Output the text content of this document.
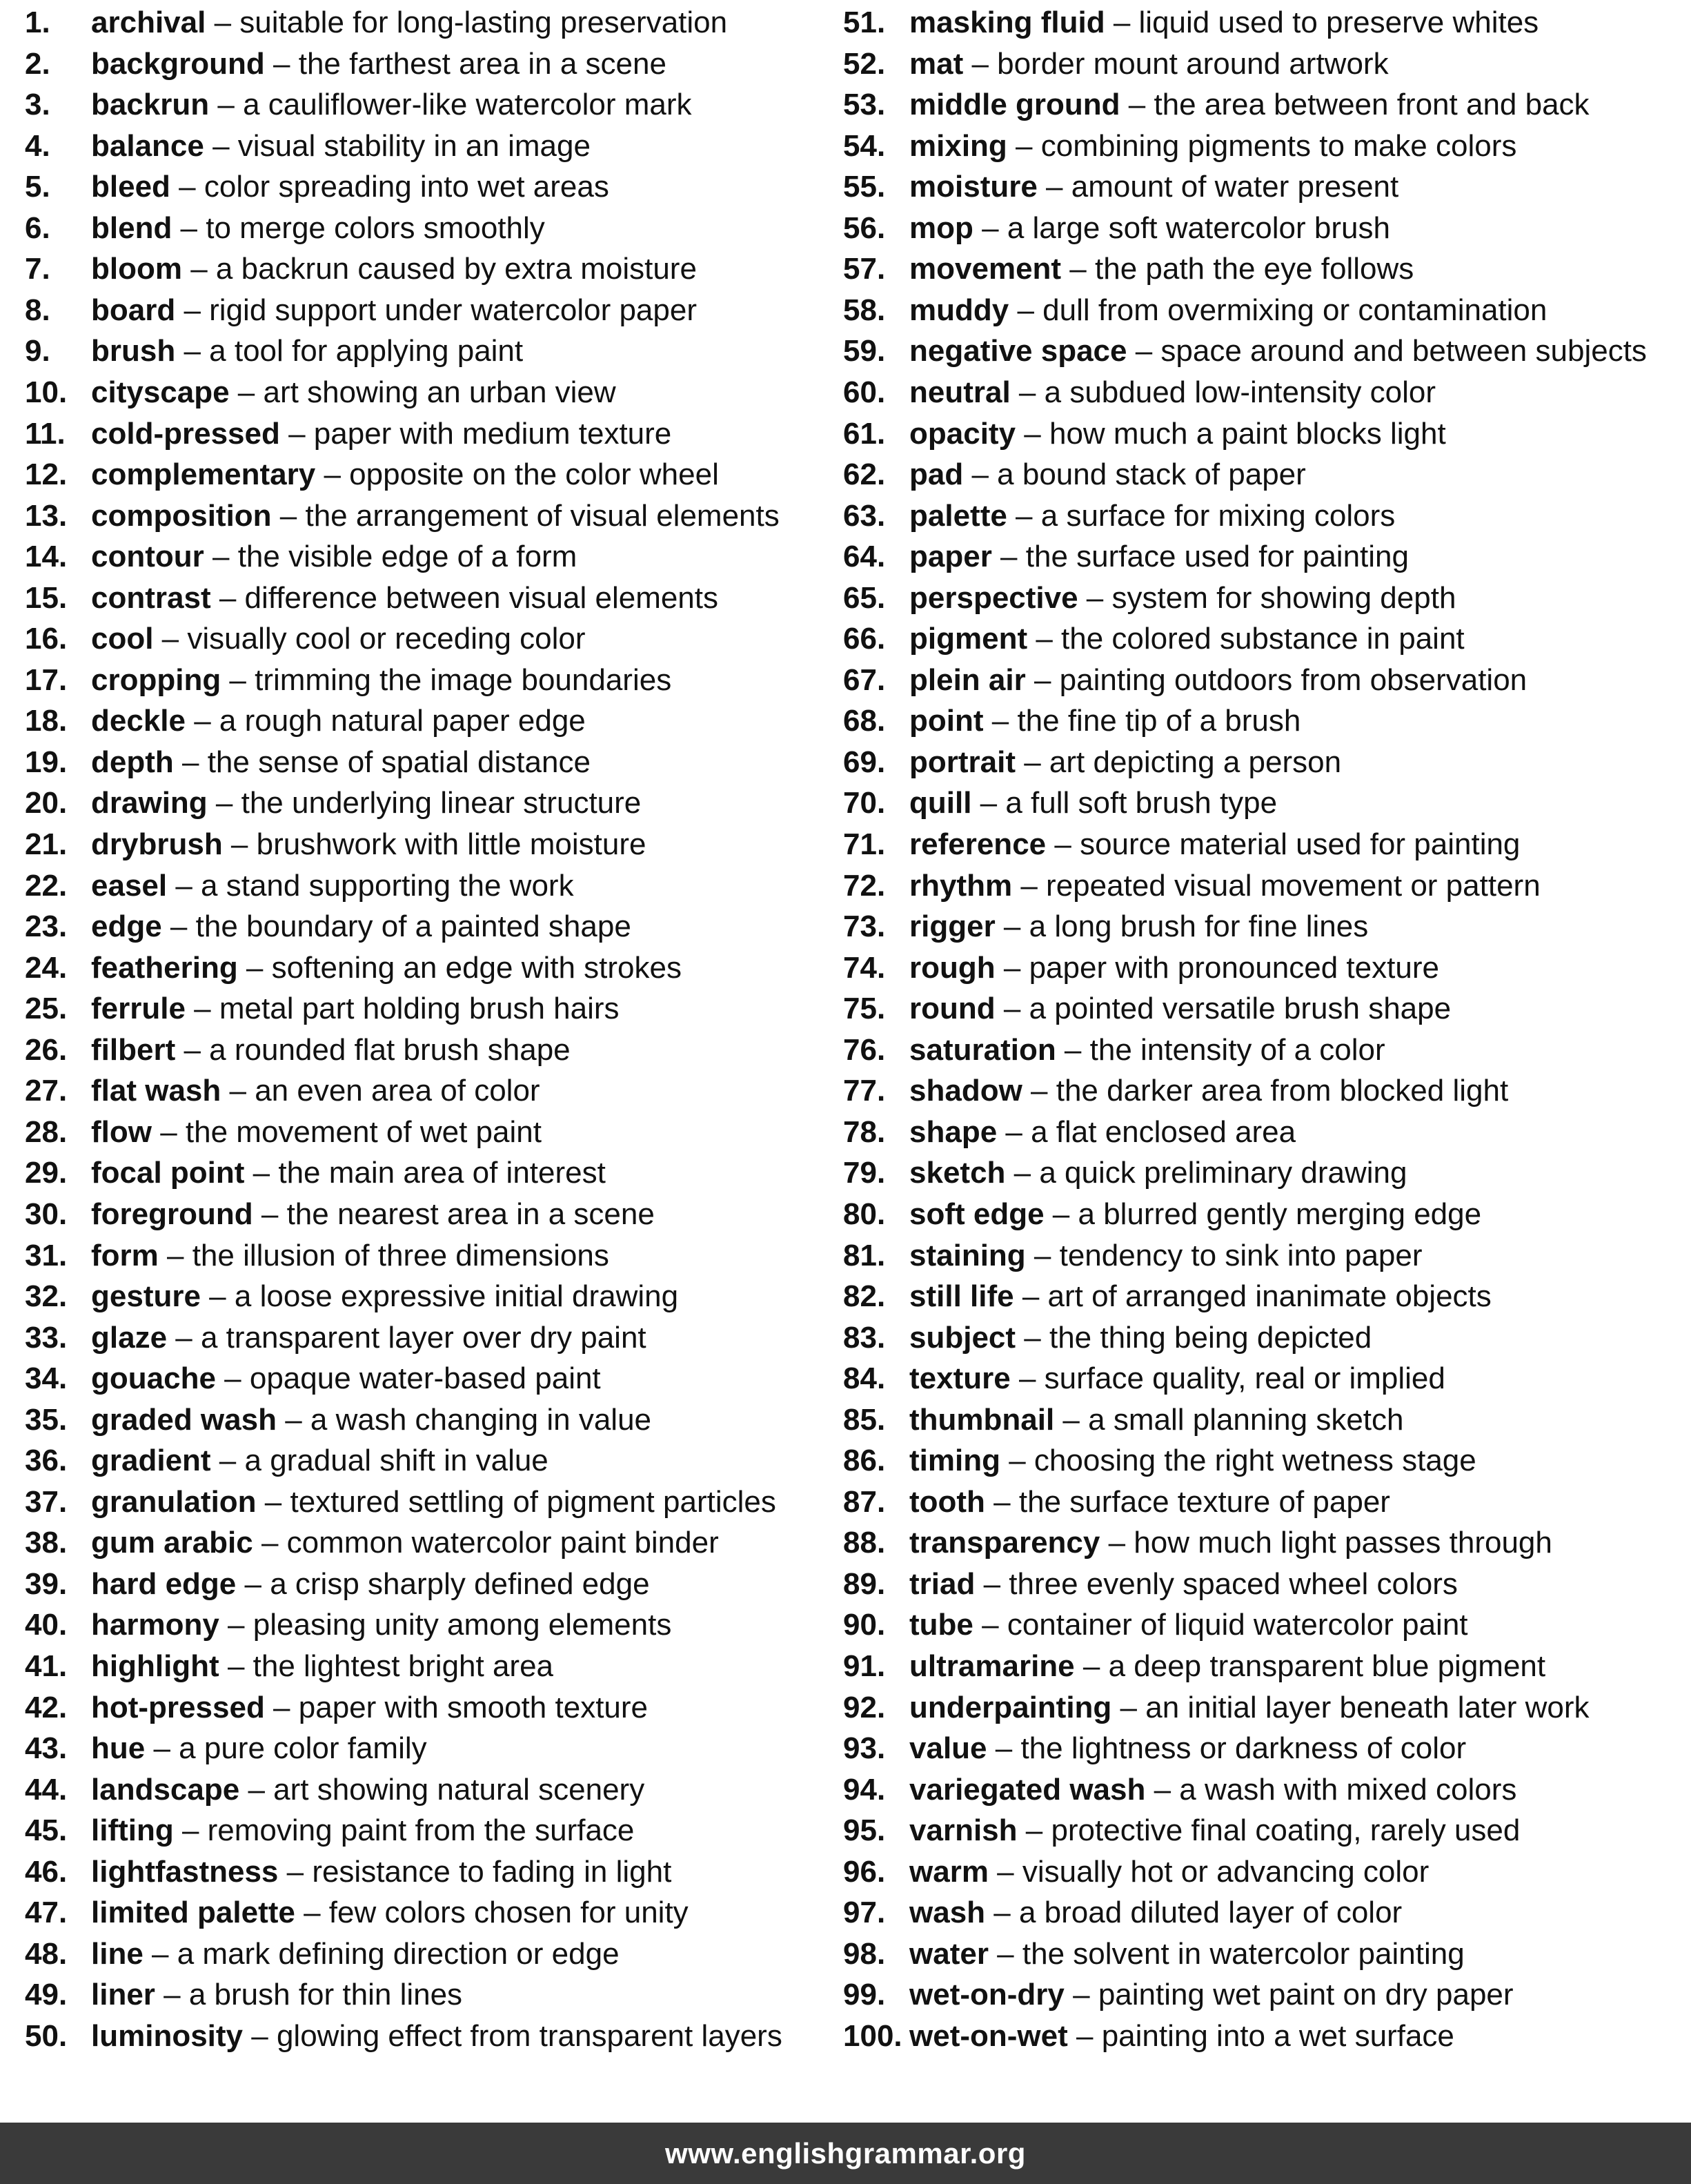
1. archival – suitable for long-lasting preservation
2. background – the farthest area in a scene
3. backrun – a cauliflower-like watercolor mark
4. balance – visual stability in an image
5. bleed – color spreading into wet areas
6. blend – to merge colors smoothly
7. bloom – a backrun caused by extra moisture
8. board – rigid support under watercolor paper
9. brush – a tool for applying paint
10. cityscape – art showing an urban view
11. cold-pressed – paper with medium texture
12. complementary – opposite on the color wheel
13. composition – the arrangement of visual elements
14. contour – the visible edge of a form
15. contrast – difference between visual elements
16. cool – visually cool or receding color
17. cropping – trimming the image boundaries
18. deckle – a rough natural paper edge
19. depth – the sense of spatial distance
20. drawing – the underlying linear structure
21. drybrush – brushwork with little moisture
22. easel – a stand supporting the work
23. edge – the boundary of a painted shape
24. feathering – softening an edge with strokes
25. ferrule – metal part holding brush hairs
26. filbert – a rounded flat brush shape
27. flat wash – an even area of color
28. flow – the movement of wet paint
29. focal point – the main area of interest
30. foreground – the nearest area in a scene
31. form – the illusion of three dimensions
32. gesture – a loose expressive initial drawing
33. glaze – a transparent layer over dry paint
34. gouache – opaque water-based paint
35. graded wash – a wash changing in value
36. gradient – a gradual shift in value
37. granulation – textured settling of pigment particles
38. gum arabic – common watercolor paint binder
39. hard edge – a crisp sharply defined edge
40. harmony – pleasing unity among elements
41. highlight – the lightest bright area
42. hot-pressed – paper with smooth texture
43. hue – a pure color family
44. landscape – art showing natural scenery
45. lifting – removing paint from the surface
46. lightfastness – resistance to fading in light
47. limited palette – few colors chosen for unity
48. line – a mark defining direction or edge
49. liner – a brush for thin lines
50. luminosity – glowing effect from transparent layers
51. masking fluid – liquid used to preserve whites
52. mat – border mount around artwork
53. middle ground – the area between front and back
54. mixing – combining pigments to make colors
55. moisture – amount of water present
56. mop – a large soft watercolor brush
57. movement – the path the eye follows
58. muddy – dull from overmixing or contamination
59. negative space – space around and between subjects
60. neutral – a subdued low-intensity color
61. opacity – how much a paint blocks light
62. pad – a bound stack of paper
63. palette – a surface for mixing colors
64. paper – the surface used for painting
65. perspective – system for showing depth
66. pigment – the colored substance in paint
67. plein air – painting outdoors from observation
68. point – the fine tip of a brush
69. portrait – art depicting a person
70. quill – a full soft brush type
71. reference – source material used for painting
72. rhythm – repeated visual movement or pattern
73. rigger – a long brush for fine lines
74. rough – paper with pronounced texture
75. round – a pointed versatile brush shape
76. saturation – the intensity of a color
77. shadow – the darker area from blocked light
78. shape – a flat enclosed area
79. sketch – a quick preliminary drawing
80. soft edge – a blurred gently merging edge
81. staining – tendency to sink into paper
82. still life – art of arranged inanimate objects
83. subject – the thing being depicted
84. texture – surface quality, real or implied
85. thumbnail – a small planning sketch
86. timing – choosing the right wetness stage
87. tooth – the surface texture of paper
88. transparency – how much light passes through
89. triad – three evenly spaced wheel colors
90. tube – container of liquid watercolor paint
91. ultramarine – a deep transparent blue pigment
92. underpainting – an initial layer beneath later work
93. value – the lightness or darkness of color
94. variegated wash – a wash with mixed colors
95. varnish – protective final coating, rarely used
96. warm – visually hot or advancing color
97. wash – a broad diluted layer of color
98. water – the solvent in watercolor painting
99. wet-on-dry – painting wet paint on dry paper
100. wet-on-wet – painting into a wet surface
www.englishgrammar.org
